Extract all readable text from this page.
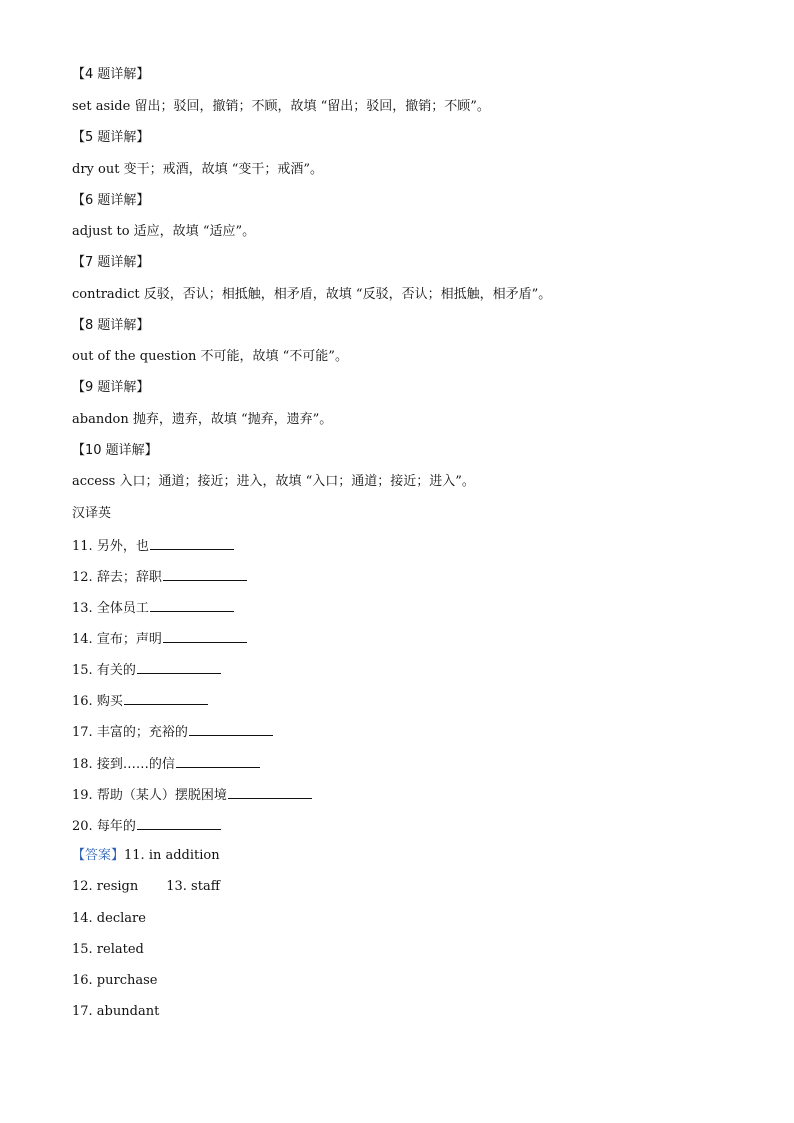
【4 题详解】
set aside 留出；驳回，撤销；不顾，故填 “留出；驳回，撤销；不顾”。
【5 题详解】
dry out 变干；戒酒，故填 “变干；戒酒”。
【6 题详解】
adjust to 适应，故填 “适应”。
【7 题详解】
contradict 反驳，否认；相抵触，相矛盾，故填 “反驳，否认；相抵触，相矛盾”。
【8 题详解】
out of the question 不可能，故填 “不可能”。
【9 题详解】
abandon 抛弃，遗弃，故填 “抛弃，遗弃”。
【10 题详解】
access 入口；通道；接近；进入，故填 “入口；通道；接近；进入”。
汉译英
11. 另外，也
12. 辞去；辞职
13. 全体员工
14. 宣布；声明
15. 有关的
16. 购买
17. 丰富的；充裕的
18. 接到……的信
19. 帮助（某人）摆脱困境
20. 每年的
【答案】11. in addition
12. resign 13. staff
14. declare
15. related
16. purchase
17. abundant
